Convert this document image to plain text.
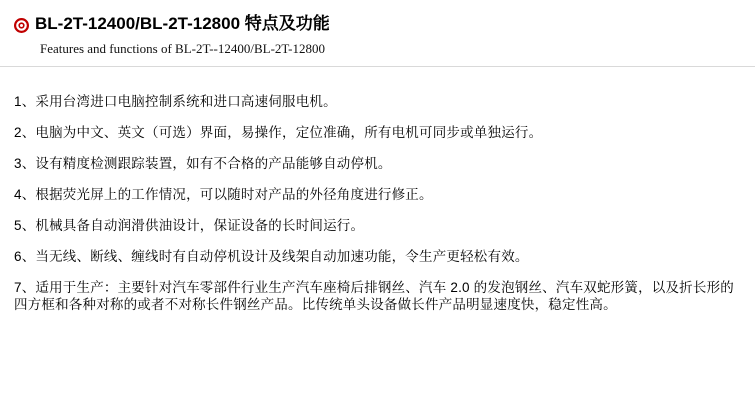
BL-2T-12400/BL-2T-12800 特点及功能
Features and functions of BL-2T--12400/BL-2T-12800
1、采用台湾进口电脑控制系统和进口高速伺服电机。
2、电脑为中文、英文（可选）界面，易操作，定位准确，所有电机可同步或单独运行。
3、设有精度检测跟踪装置，如有不合格的产品能够自动停机。
4、根据荧光屏上的工作情况，可以随时对产品的外径角度进行修正。
5、机械具备自动润滑供油设计，保证设备的长时间运行。
6、当无线、断线、缠线时有自动停机设计及线架自动加速功能，令生产更轻松有效。
7、适用于生产：主要针对汽车零部件行业生产汽车座椅后排钢丝、汽车 2.0 的发泡钢丝、汽车双蛇形簧，以及折长形的四方框和各种对称的或者不对称长件钢丝产品。比传统单头设备做长件产品明显速度快，稳定性高。
